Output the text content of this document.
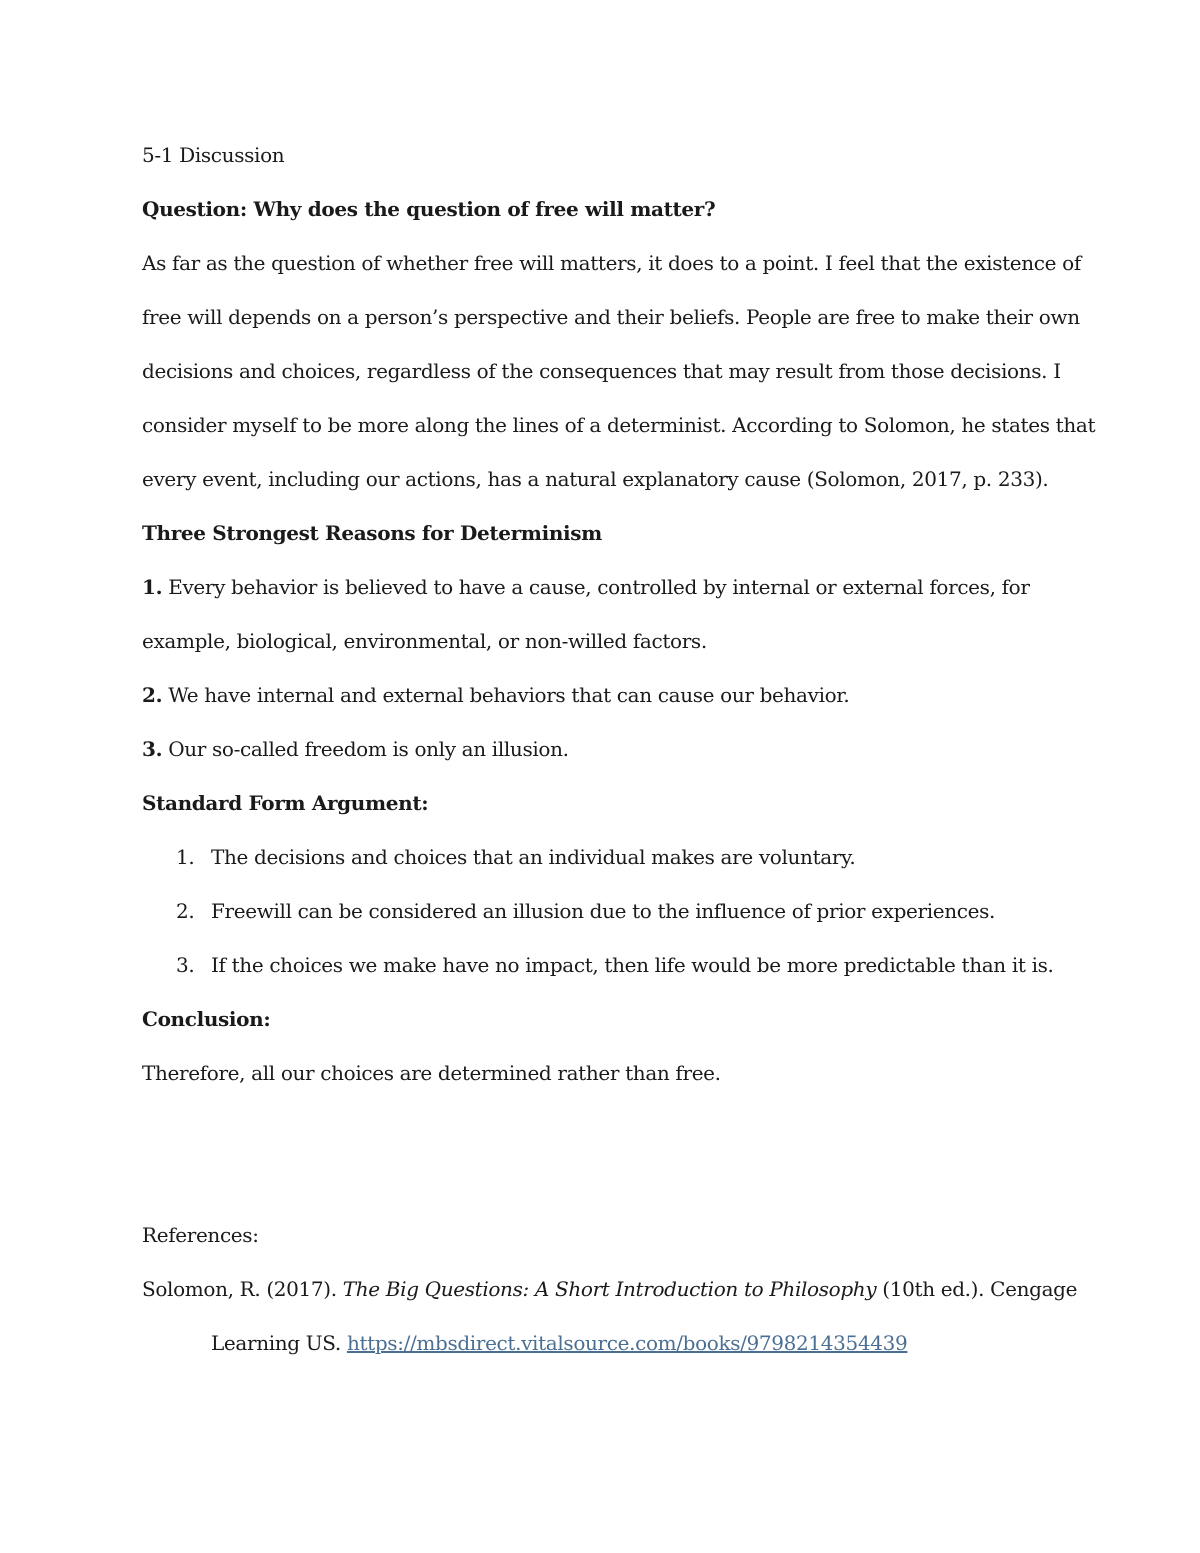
5-1 Discussion
Question: Why does the question of free will matter?
As far as the question of whether free will matters, it does to a point. I feel that the existence of
free will depends on a person’s perspective and their beliefs. People are free to make their own
decisions and choices, regardless of the consequences that may result from those decisions. I
consider myself to be more along the lines of a determinist. According to Solomon, he states that
every event, including our actions, has a natural explanatory cause (Solomon, 2017, p. 233).
Three Strongest Reasons for Determinism
1. Every behavior is believed to have a cause, controlled by internal or external forces, for
example, biological, environmental, or non-willed factors.
2. We have internal and external behaviors that can cause our behavior.
3. Our so-called freedom is only an illusion.
Standard Form Argument:
1. The decisions and choices that an individual makes are voluntary.
2. Freewill can be considered an illusion due to the influence of prior experiences.
3. If the choices we make have no impact, then life would be more predictable than it is.
Conclusion:
Therefore, all our choices are determined rather than free.
References:
Solomon, R. (2017). The Big Questions: A Short Introduction to Philosophy (10th ed.). Cengage
Learning US. https://mbsdirect.vitalsource.com/books/9798214354439
